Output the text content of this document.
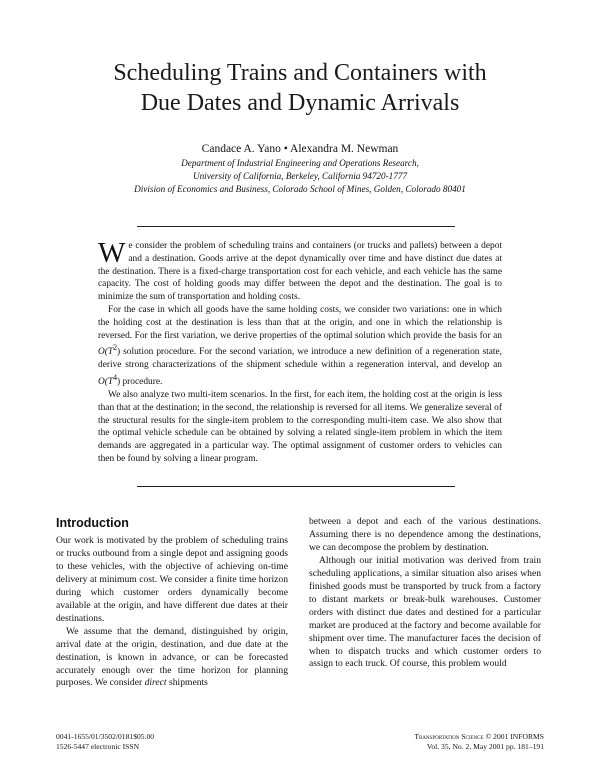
Scheduling Trains and Containers with
Due Dates and Dynamic Arrivals
Candace A. Yano • Alexandra M. Newman
Department of Industrial Engineering and Operations Research,
University of California, Berkeley, California 94720-1777
Division of Economics and Business, Colorado School of Mines, Golden, Colorado 80401

We consider the problem of scheduling trains and containers (or trucks and pallets) between a depot and a destination. Goods arrive at the depot dynamically over time and have distinct due dates at the destination. There is a fixed-charge transportation cost for each vehicle, and each vehicle has the same capacity. The cost of holding goods may differ between the depot and the destination. The goal is to minimize the sum of transportation and holding costs.

For the case in which all goods have the same holding costs, we consider two variations: one in which the holding cost at the destination is less than that at the origin, and one in which the relationship is reversed. For the first variation, we derive properties of the optimal solution which provide the basis for an $O(T^2)$ solution procedure. For the second variation, we introduce a new definition of a regeneration state, derive strong characterizations of the shipment schedule within a regeneration interval, and develop an $O(T^4)$ procedure.

We also analyze two multi-item scenarios. In the first, for each item, the holding cost at the origin is less than that at the destination; in the second, the relationship is reversed for all items. We generalize several of the structural results for the single-item problem to the corresponding multi-item case. We also show that the optimal vehicle schedule can be obtained by solving a related single-item problem in which the item demands are aggregated in a particular way. The optimal assignment of customer orders to vehicles can then be found by solving a linear program.

Introduction

Our work is motivated by the problem of scheduling trains or trucks outbound from a single depot and assigning goods to these vehicles, with the objective of achieving on-time delivery at minimum cost. We consider a finite time horizon during which customer orders dynamically become available at the origin, and have different due dates at their destinations.

We assume that the demand, distinguished by origin, arrival date at the origin, destination, and due date at the destination, is known in advance, or can be forecasted accurately enough over the time horizon for planning purposes. We consider direct shipments

between a depot and each of the various destinations. Assuming there is no dependence among the destinations, we can decompose the problem by destination.

Although our initial motivation was derived from train scheduling applications, a similar situation also arises when finished goods must be transported by truck from a factory to distant markets or break-bulk warehouses. Customer orders with distinct due dates and destined for a particular market are produced at the factory and become available for shipment over time. The manufacturer faces the decision of when to dispatch trucks and which customer orders to assign to each truck. Of course, this problem would

0041-1655/01/3502/0181$05.00
1526-5447 electronic ISSN
Transportation Science © 2001 INFORMS
Vol. 35, No. 2, May 2001 pp. 181–191
